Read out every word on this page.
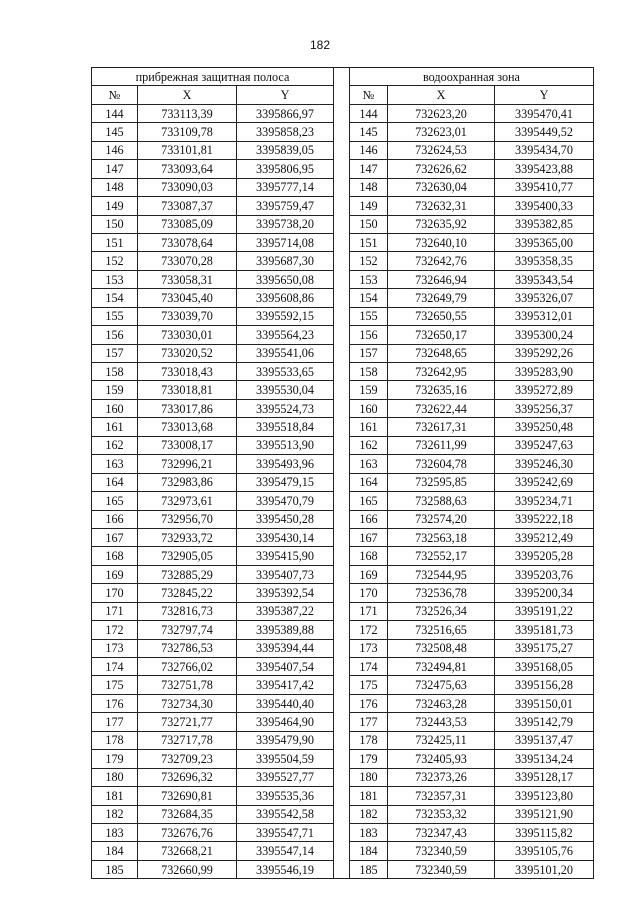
182
прибрежная защитная полоса				водоохранная зона		
№	X	Y		№	X	Y
144	733113,39	3395866,97		144	732623,20	3395470,41
145	733109,78	3395858,23		145	732623,01	3395449,52
146	733101,81	3395839,05		146	732624,53	3395434,70
147	733093,64	3395806,95		147	732626,62	3395423,88
148	733090,03	3395777,14		148	732630,04	3395410,77
149	733087,37	3395759,47		149	732632,31	3395400,33
150	733085,09	3395738,20		150	732635,92	3395382,85
151	733078,64	3395714,08		151	732640,10	3395365,00
152	733070,28	3395687,30		152	732642,76	3395358,35
153	733058,31	3395650,08		153	732646,94	3395343,54
154	733045,40	3395608,86		154	732649,79	3395326,07
155	733039,70	3395592,15		155	732650,55	3395312,01
156	733030,01	3395564,23		156	732650,17	3395300,24
157	733020,52	3395541,06		157	732648,65	3395292,26
158	733018,43	3395533,65		158	732642,95	3395283,90
159	733018,81	3395530,04		159	732635,16	3395272,89
160	733017,86	3395524,73		160	732622,44	3395256,37
161	733013,68	3395518,84		161	732617,31	3395250,48
162	733008,17	3395513,90		162	732611,99	3395247,63
163	732996,21	3395493,96		163	732604,78	3395246,30
164	732983,86	3395479,15		164	732595,85	3395242,69
165	732973,61	3395470,79		165	732588,63	3395234,71
166	732956,70	3395450,28		166	732574,20	3395222,18
167	732933,72	3395430,14		167	732563,18	3395212,49
168	732905,05	3395415,90		168	732552,17	3395205,28
169	732885,29	3395407,73		169	732544,95	3395203,76
170	732845,22	3395392,54		170	732536,78	3395200,34
171	732816,73	3395387,22		171	732526,34	3395191,22
172	732797,74	3395389,88		172	732516,65	3395181,73
173	732786,53	3395394,44		173	732508,48	3395175,27
174	732766,02	3395407,54		174	732494,81	3395168,05
175	732751,78	3395417,42		175	732475,63	3395156,28
176	732734,30	3395440,40		176	732463,28	3395150,01
177	732721,77	3395464,90		177	732443,53	3395142,79
178	732717,78	3395479,90		178	732425,11	3395137,47
179	732709,23	3395504,59		179	732405,93	3395134,24
180	732696,32	3395527,77		180	732373,26	3395128,17
181	732690,81	3395535,36		181	732357,31	3395123,80
182	732684,35	3395542,58		182	732353,32	3395121,90
183	732676,76	3395547,71		183	732347,43	3395115,82
184	732668,21	3395547,14		184	732340,59	3395105,76
185	732660,99	3395546,19		185	732340,59	3395101,20
